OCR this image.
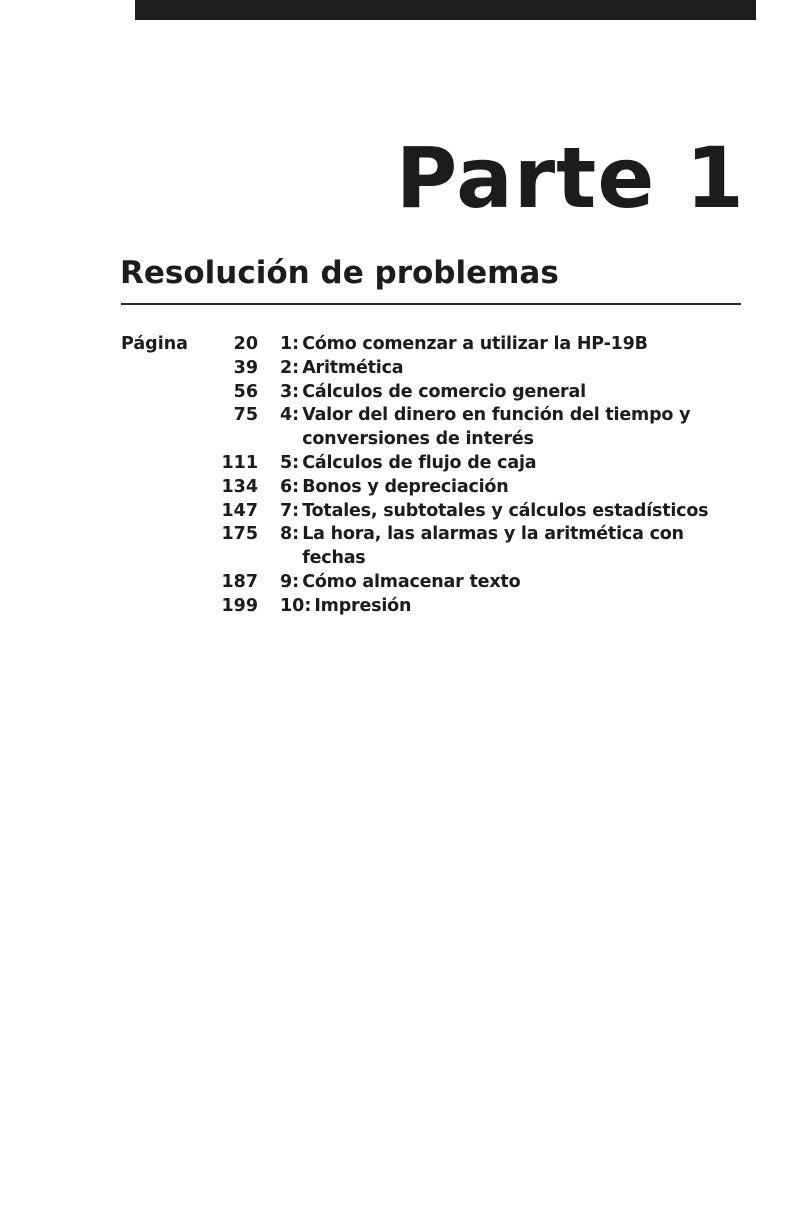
Parte 1
Resolución de problemas
Página	20	1: Cómo comenzar a utilizar la HP-19B
39	2: Aritmética
56	3: Cálculos de comercio general
75	4: Valor del dinero en función del tiempo y conversiones de interés
111	5: Cálculos de flujo de caja
134	6: Bonos y depreciación
147	7: Totales, subtotales y cálculos estadísticos
175	8: La hora, las alarmas y la aritmética con fechas
187	9: Cómo almacenar texto
199	10: Impresión
